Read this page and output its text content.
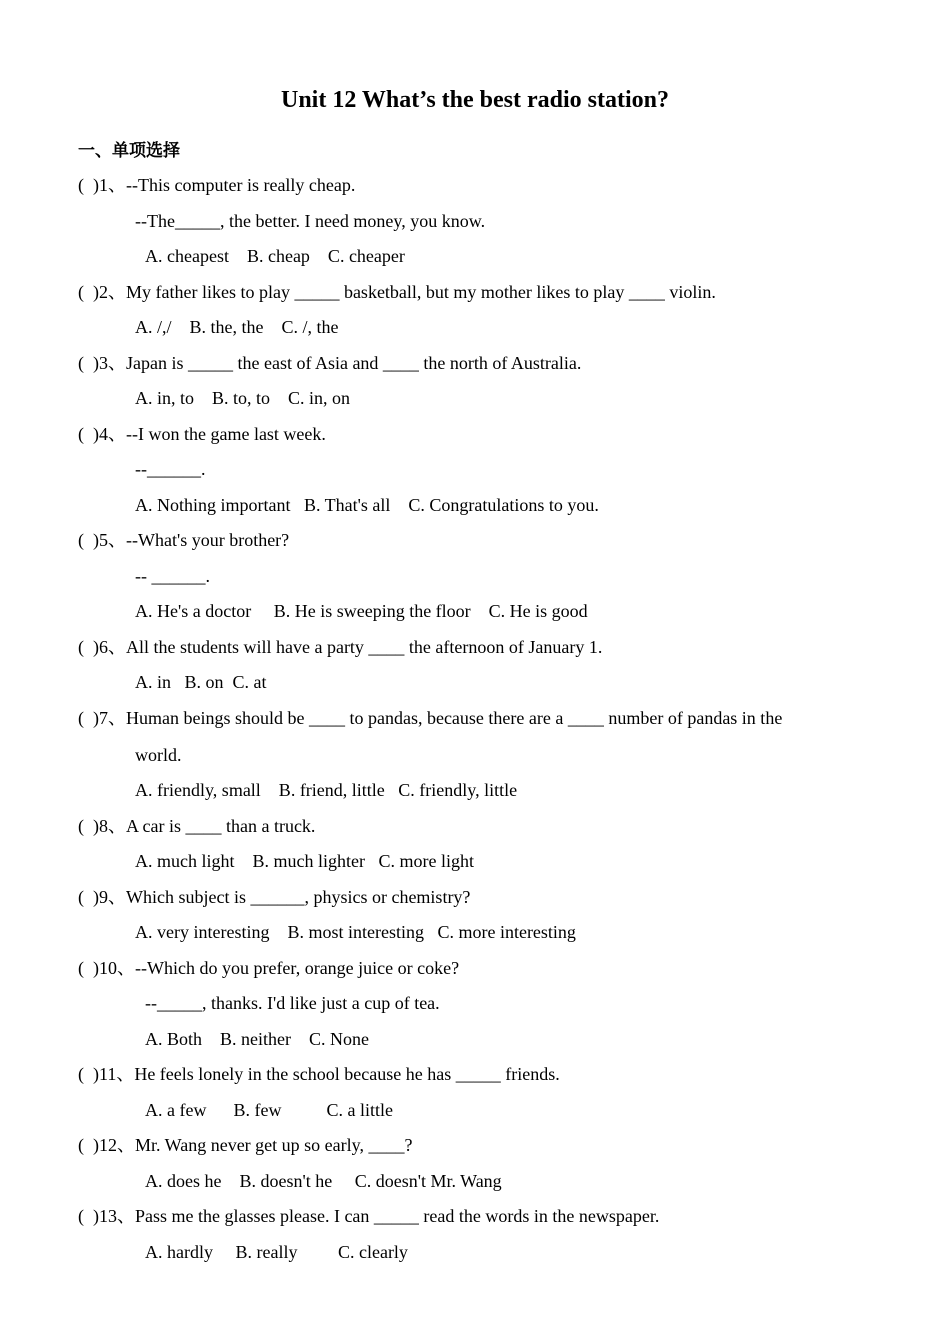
Unit 12 What’s the best radio station?
一、单项选择
(  )1、--This computer is really cheap.
--The_____, the better. I need money, you know.
A. cheapest    B. cheap    C. cheaper
(  )2、My father likes to play _____ basketball, but my mother likes to play ____ violin.
A. /,/    B. the, the    C. /, the
(  )3、Japan is _____ the east of Asia and ____ the north of Australia.
A. in, to    B. to, to    C. in, on
(  )4、--I won the game last week.
--______.
A. Nothing important   B. That's all    C. Congratulations to you.
(  )5、--What's your brother?
-- ______.
A. He's a doctor     B. He is sweeping the floor    C. He is good
(  )6、All the students will have a party ____ the afternoon of January 1.
A. in   B. on  C. at
(  )7、Human beings should be ____ to pandas, because there are a ____ number of pandas in the
world.
A. friendly, small    B. friend, little   C. friendly, little
(  )8、A car is ____ than a truck.
A. much light    B. much lighter   C. more light
(  )9、Which subject is ______, physics or chemistry?
A. very interesting    B. most interesting   C. more interesting
(  )10、--Which do you prefer, orange juice or coke?
--_____, thanks. I'd like just a cup of tea.
A. Both    B. neither    C. None
(  )11、He feels lonely in the school because he has _____ friends.
A. a few      B. few          C. a little
(  )12、Mr. Wang never get up so early, ____?
A. does he    B. doesn't he     C. doesn't Mr. Wang
(  )13、Pass me the glasses please. I can _____ read the words in the newspaper.
A. hardly     B. really         C. clearly
